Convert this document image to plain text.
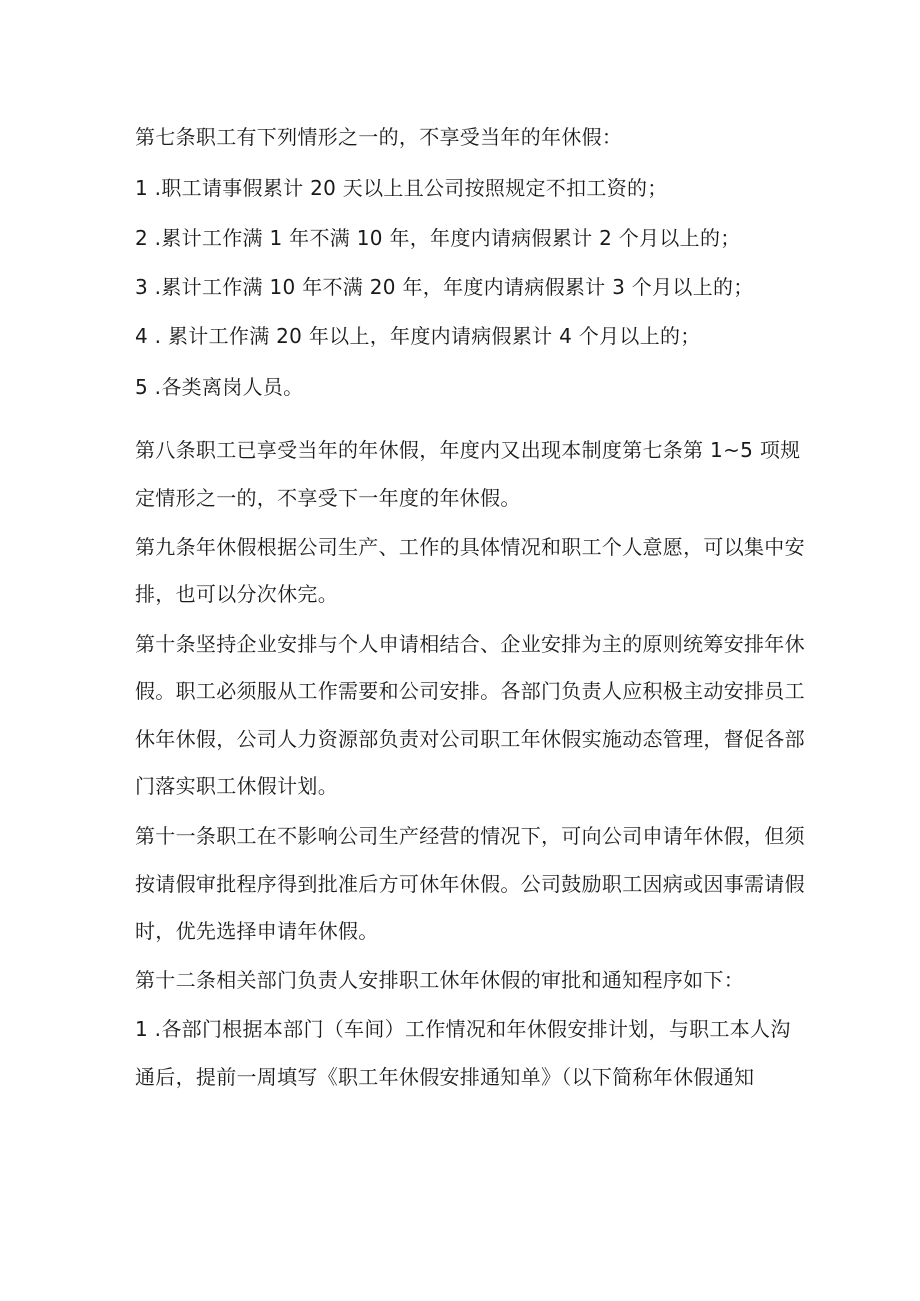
第七条职工有下列情形之一的，不享受当年的年休假：

1 .职工请事假累计 20 天以上且公司按照规定不扣工资的；

2 .累计工作满 1 年不满 10 年，年度内请病假累计 2 个月以上的；

3 .累计工作满 10 年不满 20 年，年度内请病假累计 3 个月以上的；

4 . 累计工作满 20 年以上，年度内请病假累计 4 个月以上的；

5 .各类离岗人员。

第八条职工已享受当年的年休假，年度内又出现本制度第七条第 1~5 项规

定情形之一的，不享受下一年度的年休假。

第九条年休假根据公司生产、工作的具体情况和职工个人意愿，可以集中安

排，也可以分次休完。

第十条坚持企业安排与个人申请相结合、企业安排为主的原则统筹安排年休

假。职工必须服从工作需要和公司安排。各部门负责人应积极主动安排员工

休年休假，公司人力资源部负责对公司职工年休假实施动态管理，督促各部

门落实职工休假计划。

第十一条职工在不影响公司生产经营的情况下，可向公司申请年休假，但须

按请假审批程序得到批准后方可休年休假。公司鼓励职工因病或因事需请假

时，优先选择申请年休假。

第十二条相关部门负责人安排职工休年休假的审批和通知程序如下：

1 .各部门根据本部门（车间）工作情况和年休假安排计划，与职工本人沟

通后，提前一周填写《职工年休假安排通知单》（以下简称年休假通知
